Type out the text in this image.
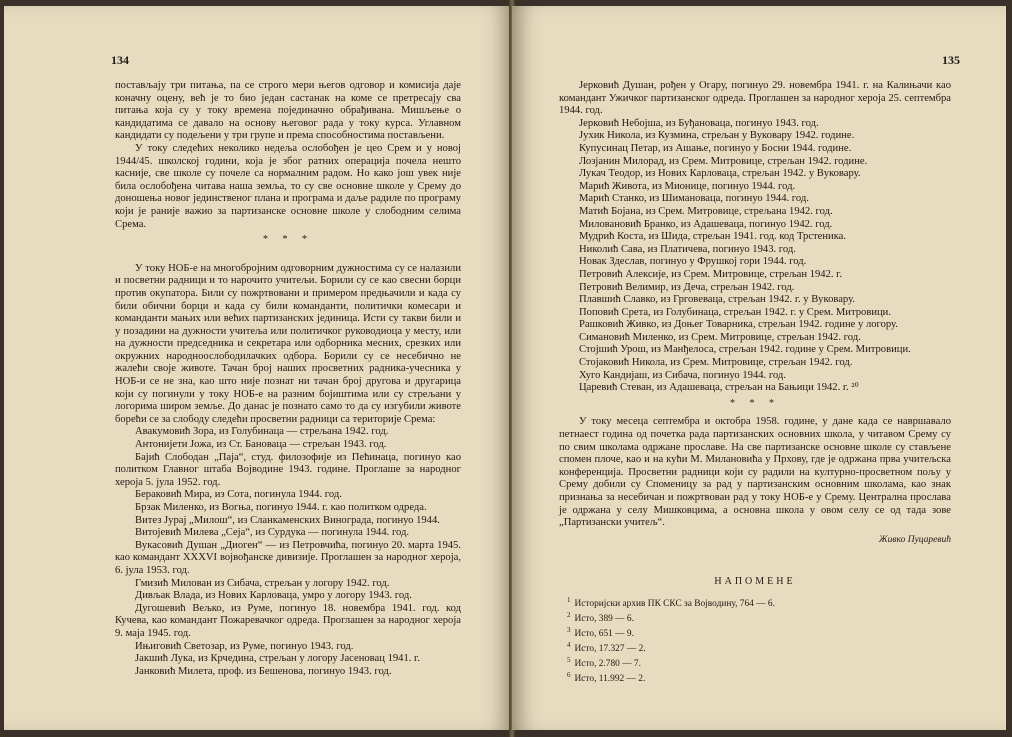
134

постављају три питања, па се строго мери његов одговор и комисија даје коначну оцену, већ је то био један састанак на коме се претресају сва питања која су у току времена појединачно обрађивана. Мишљење о кандидатима се давало на основу његовог рада у току курса. Углавном кандидати су подељени у три групе и према способностима постављени.

У току следећих неколико недеља ослобођен је цео Срем и у новој 1944/45. школској години, која је због ратних операција почела нешто касније, све школе су почеле са нормалним радом. Но како још увек није била ослобођена читава наша земља, то су све основне школе у Срему до доношења новог јединственог плана и програма и даље радиле по програму који је раније важио за партизанске основне школе у слободним селима Срема.

* * *

У току НОБ-е на многобројним одговорним дужностима су се налазили и посветни радници и то нарочито учитељи. Борили су се као свесни борци против окупатора. Били су пожртвовани и примером предњачили и када су били обични борци и када су били команданти, политички комесари и команданти мањих или већих партизанских јединица. Исти су такви били и у позадини на дужности учитеља или политичког руководиоца у месту, или на дужности председника и секретара или одборника месних, срезких или окружних народноослободилачких одбора. Борили су се несебично не жалећи своје животе. Тачан број наших просветних радника-учесника у НОБ-и се не зна, као што није познат ни тачан број другова и другарица који су погинули у току НОБ-е на разним бојиштима или су стрељани у логорима широм земље. До данас је познато само то да су изгубили животе борећи се за слободу следећи просветни радници са територије Срема:

Авакумовић Зора, из Голубинаца — стрељана 1942. год.

Антонијети Јожа, из Ст. Бановаца — стрељан 1943. год.

Бајић Слободан „Паја“, студ. филозофије из Пећинаца, погинуо као политком Главног штаба Војводине 1943. године. Проглаше за народног хероја 5. јула 1952. год.

Бераковић Мира, из Сота, погинула 1944. год.

Брзак Миленко, из Вогња, погинуо 1944. г. као политком одреда.

Витез Јурај „Милош“, из Сланкаменских Винограда, погинуо 1944.

Витојевић Милева „Сеја“, из Сурдука — погинула 1944. год.

Вукасовић Душан „Диоген“ — из Петровчића, погинуо 20. марта 1945. као командант XXXVI војвођанске дивизије. Проглашен за народног хероја, 6. јула 1953. год.

Гмизић Милован из Сибача, стрељан у логору 1942. год.

Дивљак Влада, из Нових Карловаца, умро у логору 1943. год.

Дугошевић Вељко, из Руме, погинуо 18. новембра 1941. год. код Кучева, као командант Пожаревачког одреда. Проглашен за народног хероја 9. маја 1945. год.

Ињиговић Светозар, из Руме, погинуо 1943. год.

Јакшић Лука, из Крчедина, стрељан у логору Јасеновац 1941. г.

Јанковић Милета, проф. из Бешенова, погинуо 1943. год.

135

Јерковић Душан, рођен у Огару, погинуо 29. новембра 1941. г. на Калињачи као командант Ужичког партизанског одреда. Проглашен за народног хероја 25. септембра 1944. год.

Јерковић Небојша, из Буђановаца, погинуо 1943. год.

Јухик Никола, из Кузмина, стрељан у Вуковару 1942. године.

Купусинац Петар, из Ашање, погинуо у Босни 1944. године.

Лозјанин Милорад, из Срем. Митровице, стрељан 1942. године.

Лукач Теодор, из Нових Карловаца, стрељан 1942. у Вуковару.

Марић Живота, из Мионице, погинуо 1944. год.

Марић Станко, из Шимановаца, погинуо 1944. год.

Матић Бојана, из Срем. Митровице, стрељана 1942. год.

Миловановић Бранко, из Адашеваца, погинуо 1942. год.

Мудрић Коста, из Шида, стрељан 1941. год. код Трстеника.

Николић Сава, из Платичева, погинуо 1943. год.

Новак Здеслав, погинуо у Фрушкој гори 1944. год.

Петровић Алексије, из Срем. Митровице, стрељан 1942. г.

Петровић Велимир, из Деча, стрељан 1942. год.

Плавшић Славко, из Грговеваца, стрељан 1942. г. у Вуковару.

Поповић Срета, из Голубинаца, стрељан 1942. г. у Срем. Митровици.

Рашковић Живко, из Доњег Товарника, стрељан 1942. године у логору.

Симановић Миленко, из Срем. Митровице, стрељан 1942. год.

Стојшић Урош, из Манђелоса, стрељан 1942. године у Срем. Митровици.

Стојаковић Никола, из Срем. Митровице, стрељан 1942. год.

Хуго Кандијаш, из Сибача, погинуо 1944. год.

Царевић Стеван, из Адашеваца, стрељан на Бањици 1942. г. ²⁰

* * *

У току месеца септембра и октобра 1958. године, у дане када се навршавало петнаест година од почетка рада партизанских основних школа, у читавом Срему су по свим школама одржане прославе. На све партизанске основне школе су стављене спомен плоче, као и на кући М. Милановића у Прхову, где је одржана прва учитељска конференција. Просветни радници који су радили на културно-просветном пољу у Срему добили су Споменицу за рад у партизанским основним школама, као знак признања за несебичан и пожртвован рад у току НОБ-е у Срему. Централна прослава је одржана у селу Мишковцима, а основна школа у овом селу се од тада зове „Партизански учитељ“.

Живко Пуцаревић
НАПОМЕНЕ
$^1$ Историјски архив ПК СКС за Војводину, 764 — 6.
$^2$ Исто, 389 — 6.
$^3$ Исто, 651 — 9.
$^4$ Исто, 17.327 — 2.
$^5$ Исто, 2.780 — 7.
$^6$ Исто, 11.992 — 2.
